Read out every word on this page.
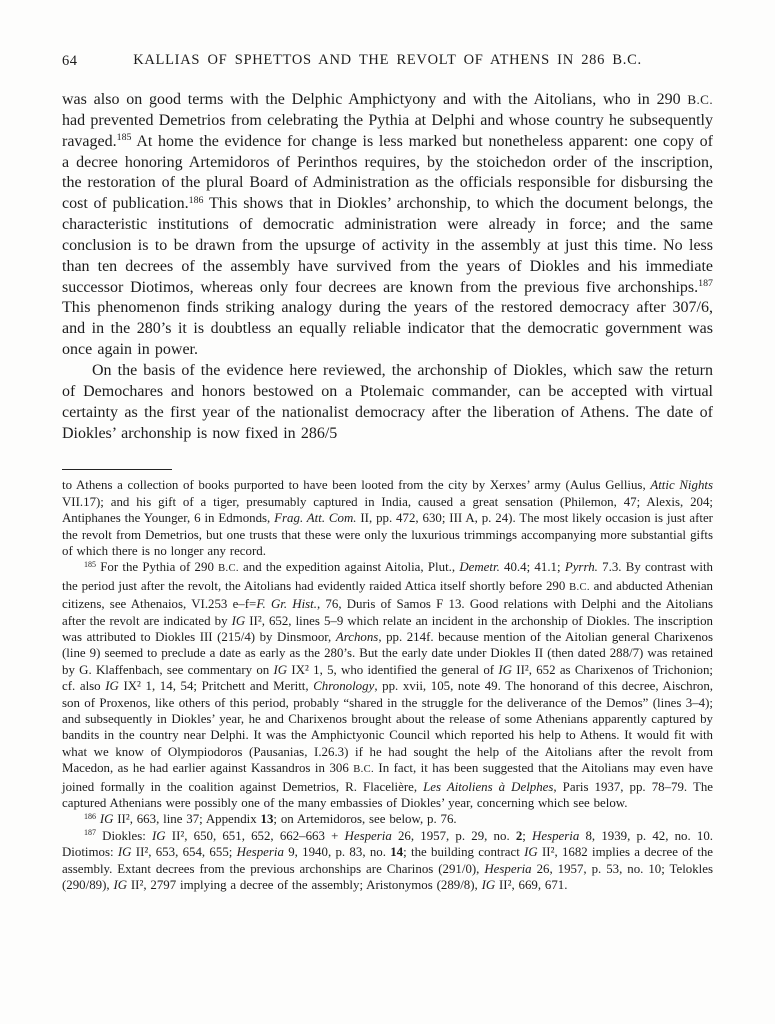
64	KALLIAS OF SPHETTOS AND THE REVOLT OF ATHENS IN 286 B.C.

was also on good terms with the Delphic Amphictyony and with the Aitolians, who in 290 B.C. had prevented Demetrios from celebrating the Pythia at Delphi and whose country he subsequently ravaged.$^{185}$ At home the evidence for change is less marked but nonetheless apparent: one copy of a decree honoring Artemidoros of Perinthos requires, by the stoichedon order of the inscription, the restoration of the plural Board of Administration as the officials responsible for disbursing the cost of publication.$^{186}$ This shows that in Diokles’ archonship, to which the document belongs, the characteristic institutions of democratic administration were already in force; and the same conclusion is to be drawn from the upsurge of activity in the assembly at just this time. No less than ten decrees of the assembly have survived from the years of Diokles and his immediate successor Diotimos, whereas only four decrees are known from the previous five archonships.$^{187}$ This phenomenon finds striking analogy during the years of the restored democracy after 307/6, and in the 280’s it is doubtless an equally reliable indicator that the democratic government was once again in power.

On the basis of the evidence here reviewed, the archonship of Diokles, which saw the return of Demochares and honors bestowed on a Ptolemaic commander, can be accepted with virtual certainty as the first year of the nationalist democracy after the liberation of Athens. The date of Diokles’ archonship is now fixed in 286/5

to Athens a collection of books purported to have been looted from the city by Xerxes’ army (Aulus Gellius, Attic Nights VII.17); and his gift of a tiger, presumably captured in India, caused a great sensation (Philemon, 47; Alexis, 204; Antiphanes the Younger, 6 in Edmonds, Frag. Att. Com. II, pp. 472, 630; III A, p. 24). The most likely occasion is just after the revolt from Demetrios, but one trusts that these were only the luxurious trimmings accompanying more substantial gifts of which there is no longer any record.

$^{185}$ For the Pythia of 290 B.C. and the expedition against Aitolia, Plut., Demetr. 40.4; 41.1; Pyrrh. 7.3. By contrast with the period just after the revolt, the Aitolians had evidently raided Attica itself shortly before 290 B.C. and abducted Athenian citizens, see Athenaios, VI.253 e–f=F. Gr. Hist., 76, Duris of Samos F 13. Good relations with Delphi and the Aitolians after the revolt are indicated by IG II², 652, lines 5–9 which relate an incident in the archonship of Diokles. The inscription was attributed to Diokles III (215/4) by Dinsmoor, Archons, pp. 214f. because mention of the Aitolian general Charixenos (line 9) seemed to preclude a date as early as the 280’s. But the early date under Diokles II (then dated 288/7) was retained by G. Klaffenbach, see commentary on IG IX² 1, 5, who identified the general of IG II², 652 as Charixenos of Trichonion; cf. also IG IX² 1, 14, 54; Pritchett and Meritt, Chronology, pp. xvii, 105, note 49. The honorand of this decree, Aischron, son of Proxenos, like others of this period, probably “shared in the struggle for the deliverance of the Demos” (lines 3–4); and subsequently in Diokles’ year, he and Charixenos brought about the release of some Athenians apparently captured by bandits in the country near Delphi. It was the Amphictyonic Council which reported his help to Athens. It would fit with what we know of Olympiodoros (Pausanias, I.26.3) if he had sought the help of the Aitolians after the revolt from Macedon, as he had earlier against Kassandros in 306 B.C. In fact, it has been suggested that the Aitolians may even have joined formally in the coalition against Demetrios, R. Flacelière, Les Aitoliens à Delphes, Paris 1937, pp. 78–79. The captured Athenians were possibly one of the many embassies of Diokles’ year, concerning which see below.

$^{186}$ IG II², 663, line 37; Appendix 13; on Artemidoros, see below, p. 76.

$^{187}$ Diokles: IG II², 650, 651, 652, 662–663 + Hesperia 26, 1957, p. 29, no. 2; Hesperia 8, 1939, p. 42, no. 10. Diotimos: IG II², 653, 654, 655; Hesperia 9, 1940, p. 83, no. 14; the building contract IG II², 1682 implies a decree of the assembly. Extant decrees from the previous archonships are Charinos (291/0), Hesperia 26, 1957, p. 53, no. 10; Telokles (290/89), IG II², 2797 implying a decree of the assembly; Aristonymos (289/8), IG II², 669, 671.
